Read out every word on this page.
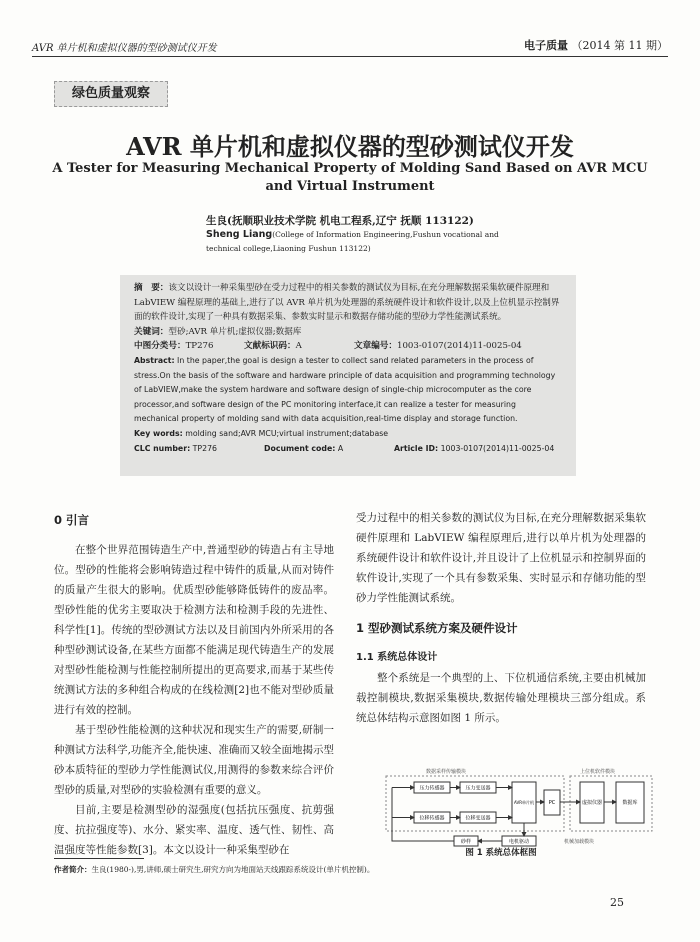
AVR 单片机和虚拟仪器的型砂测试仪开发	电子质量 （2014 第 11 期）
绿色质量观察
AVR 单片机和虚拟仪器的型砂测试仪开发
A Tester for Measuring Mechanical Property of Molding Sand Based on AVR MCU and Virtual Instrument
生良(抚顺职业技术学院 机电工程系,辽宁 抚顺 113122)
Sheng Liang(College of Information Engineering,Fushun vocational and technical college,Liaoning Fushun 113122)
摘　要：该文以设计一种采集型砂在受力过程中的相关参数的测试仪为目标,在充分理解数据采集软硬件原理和 LabVIEW 编程原理的基础上,进行了以 AVR 单片机为处理器的系统硬件设计和软件设计,以及上位机显示控制界面的软件设计,实现了一种具有数据采集、参数实时显示和数据存储功能的型砂力学性能测试系统。
关键词：型砂;AVR 单片机;虚拟仪器;数据库
中图分类号：TP276	文献标识码：A	文章编号：1003-0107(2014)11-0025-04
Abstract: In the paper,the goal is design a tester to collect sand related parameters in the process of stress.On the basis of the software and hardware principle of data acquisition and programming technology of LabVIEW,make the system hardware and software design of single-chip microcomputer as the core processor,and software design of the PC monitoring interface,it can realize a tester for measuring mechanical property of molding sand with data acquisition,real-time display and storage function.
Key words: molding sand;AVR MCU;virtual instrument;database
CLC number: TP276	Document code: A	Article ID: 1003-0107(2014)11-0025-04
0 引言

在整个世界范围铸造生产中,普通型砂的铸造占有主导地位。型砂的性能将会影响铸造过程中铸件的质量,从而对铸件的质量产生很大的影响。优质型砂能够降低铸件的废品率。型砂性能的优劣主要取决于检测方法和检测手段的先进性、科学性[1]。传统的型砂测试方法以及目前国内外所采用的各种型砂测试设备,在某些方面都不能满足现代铸造生产的发展对型砂性能检测与性能控制所提出的更高要求,而基于某些传统测试方法的多种组合构成的在线检测[2]也不能对型砂质量进行有效的控制。

基于型砂性能检测的这种状况和现实生产的需要,研制一种测试方法科学,功能齐全,能快速、准确而又较全面地揭示型砂本质特征的型砂力学性能测试仪,用测得的参数来综合评价型砂的质量,对型砂的实验检测有重要的意义。

目前,主要是检测型砂的湿强度(包括抗压强度、抗剪强度、抗拉强度等)、水分、紧实率、温度、透气性、韧性、高温强度等性能参数[3]。本文以设计一种采集型砂在

受力过程中的相关参数的测试仪为目标,在充分理解数据采集软硬件原理和 LabVIEW 编程原理后,进行以单片机为处理器的系统硬件设计和软件设计,并且设计了上位机显示和控制界面的软件设计,实现了一个具有参数采集、实时显示和存储功能的型砂力学性能测试系统。

1 型砂测试系统方案及硬件设计
1.1 系统总体设计

整个系统是一个典型的上、下位机通信系统,主要由机械加载控制模块,数据采集模块,数据传输处理模块三部分组成。系统总体结构示意图如图 1 所示。

数据采样传输模块	上位机软件模块
压力传感器	压力变送器
位移传感器	位移变送器
AVR单片机	PC	虚拟仪器	数据库
砂样	电机驱动	机械加载模块
图 1 系统总体框图
作者简介：生良(1980-),男,讲师,硕士研究生,研究方向为地面站天线跟踪系统设计(单片机控制)。
25
